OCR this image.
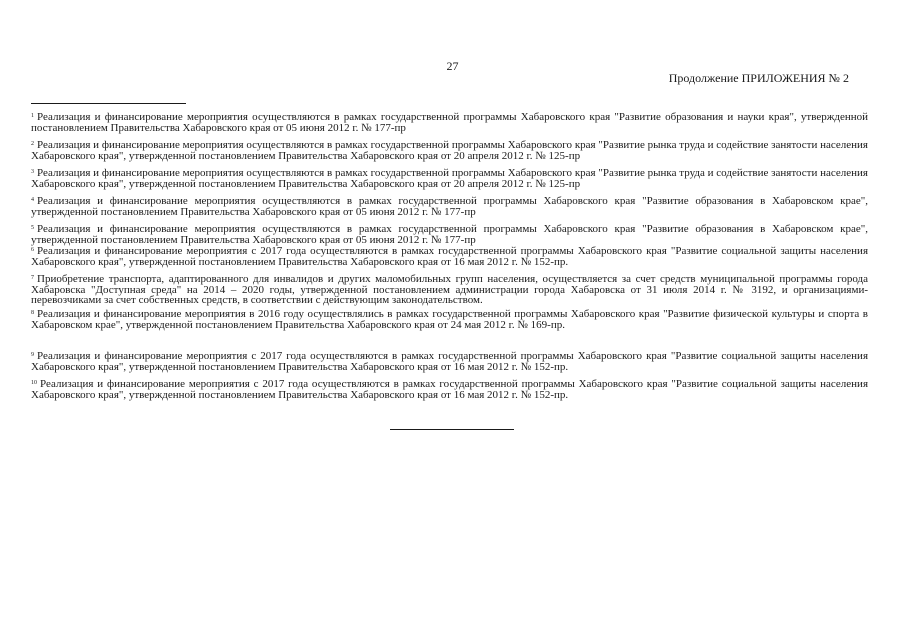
27
Продолжение ПРИЛОЖЕНИЯ № 2
$^1$ Реализация и финансирование мероприятия осуществляются в рамках государственной программы Хабаровского края "Развитие образования и науки края", утвержденной постановлением Правительства Хабаровского края от 05 июня 2012 г. № 177-пр
$^2$ Реализация и финансирование мероприятия осуществляются в рамках государственной программы Хабаровского края "Развитие рынка труда и содействие занятости населения Хабаровского края", утвержденной постановлением Правительства Хабаровского края от 20 апреля 2012 г. № 125-пр
$^3$ Реализация и финансирование мероприятия осуществляются в рамках государственной программы Хабаровского края "Развитие рынка труда и содействие занятости населения Хабаровского края", утвержденной постановлением Правительства Хабаровского края от 20 апреля 2012 г. № 125-пр
$^4$ Реализация и финансирование мероприятия осуществляются в рамках государственной программы Хабаровского края "Развитие образования в Хабаровском крае", утвержденной постановлением Правительства Хабаровского края от 05 июня 2012 г. № 177-пр
$^5$ Реализация и финансирование мероприятия осуществляются в рамках государственной программы Хабаровского края "Развитие образования в Хабаровском крае", утвержденной постановлением Правительства Хабаровского края от 05 июня 2012 г. № 177-пр
$^6$ Реализация и финансирование мероприятия с 2017 года осуществляются в рамках государственной программы Хабаровского края "Развитие социальной защиты населения Хабаровского края", утвержденной постановлением Правительства Хабаровского края от 16 мая 2012 г. № 152-пр.
$^7$ Приобретение транспорта, адаптированного для инвалидов и других маломобильных групп населения, осуществляется за счет средств муниципальной программы города Хабаровска "Доступная среда" на 2014 – 2020 годы, утвержденной постановлением администрации города Хабаровска от 31 июля 2014 г. № 3192, и организациями-перевозчиками за счет собственных средств, в соответствии с действующим законодательством.
$^8$ Реализация и финансирование мероприятия в 2016 году осуществлялись в рамках государственной программы Хабаровского края "Развитие физической культуры и спорта в Хабаровском крае", утвержденной постановлением Правительства Хабаровского края от 24 мая 2012 г. № 169-пр.
$^9$ Реализация и финансирование мероприятия с 2017 года осуществляются в рамках государственной программы Хабаровского края "Развитие социальной защиты населения Хабаровского края", утвержденной постановлением Правительства Хабаровского края от 16 мая 2012 г. № 152-пр.
$^{10}$ Реализация и финансирование мероприятия с 2017 года осуществляются в рамках государственной программы Хабаровского края "Развитие социальной защиты населения Хабаровского края", утвержденной постановлением Правительства Хабаровского края от 16 мая 2012 г. № 152-пр.
